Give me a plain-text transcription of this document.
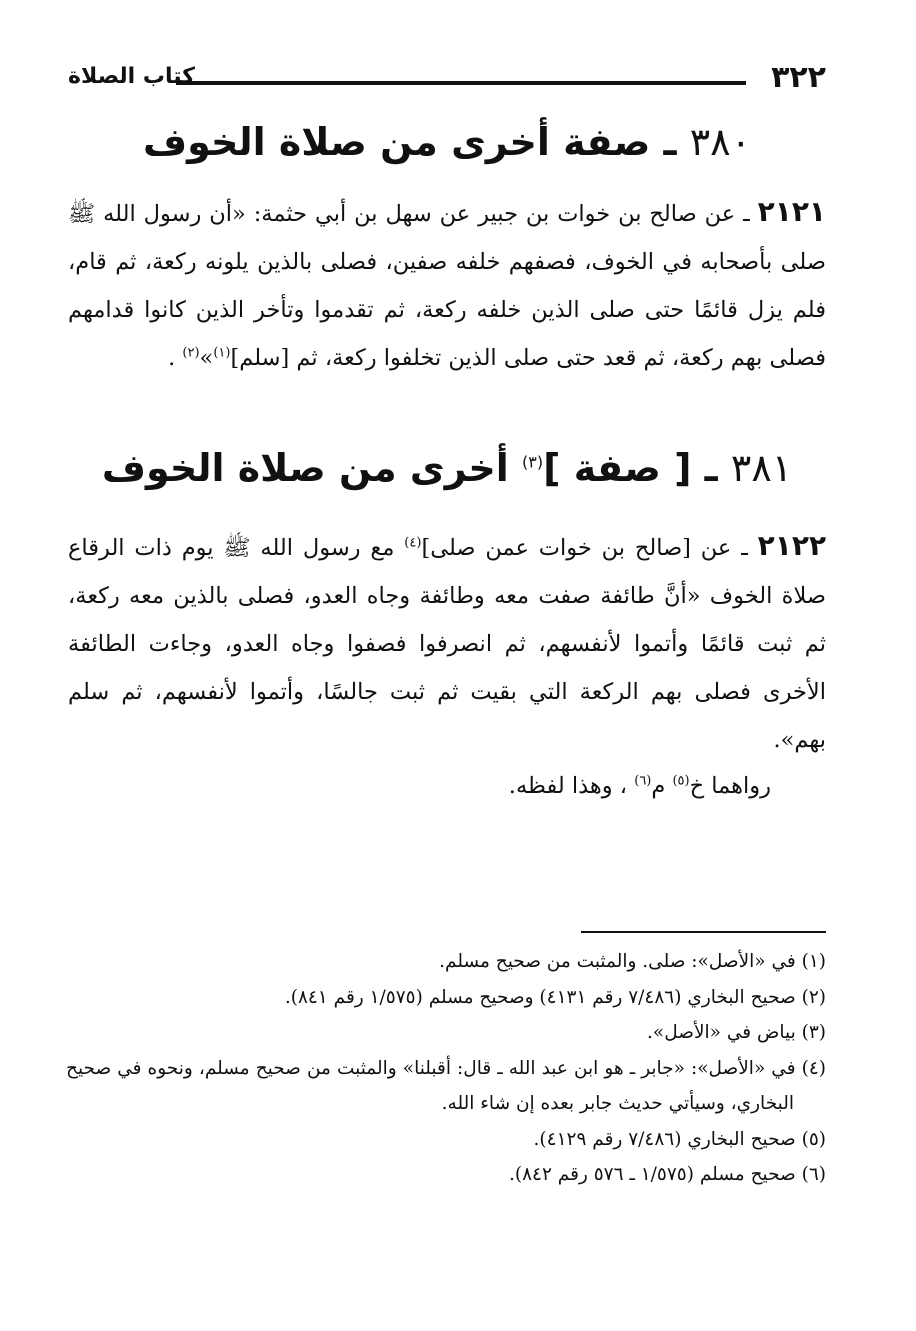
٣٢٢
كتاب الصلاة
٣٨٠ ـ صفة أخرى من صلاة الخوف
٢١٢١ ـ عن صالح بن خوات بن جبير عن سهل بن أبي حثمة: «أن رسول الله ﷺ صلى بأصحابه في الخوف، فصفهم خلفه صفين، فصلى بالذين يلونه ركعة، ثم قام، فلم يزل قائمًا حتى صلى الذين خلفه ركعة، ثم تقدموا وتأخر الذين كانوا قدامهم فصلى بهم ركعة، ثم قعد حتى صلى الذين تخلفوا ركعة، ثم [سلم]$^{(١)}$»$^{(٢)}$ .
٣٨١ ـ [ صفة ]$^{(٣)}$ أخرى من صلاة الخوف
٢١٢٢ ـ عن [صالح بن خوات عمن صلى]$^{(٤)}$ مع رسول الله ﷺ يوم ذات الرقاع صلاة الخوف «أنَّ طائفة صفت معه وطائفة وجاه العدو، فصلى بالذين معه ركعة، ثم ثبت قائمًا وأتموا لأنفسهم، ثم انصرفوا فصفوا وجاه العدو، وجاءت الطائفة الأخرى فصلى بهم الركعة التي بقيت ثم ثبت جالسًا، وأتموا لأنفسهم، ثم سلم بهم».
رواهما خ$^{(٥)}$ م$^{(٦)}$ ، وهذا لفظه.

(١) في «الأصل»: صلى. والمثبت من صحيح مسلم.

(٢) صحيح البخاري (٧/٤٨٦ رقم ٤١٣١) وصحيح مسلم (١/٥٧٥ رقم ٨٤١).

(٣) بياض في «الأصل».

(٤) في «الأصل»: «جابر ـ هو ابن عبد الله ـ قال: أقبلنا» والمثبت من صحيح مسلم، ونحوه في صحيح البخاري، وسيأتي حديث جابر بعده إن شاء الله.

(٥) صحيح البخاري (٧/٤٨٦ رقم ٤١٢٩).

(٦) صحيح مسلم (١/٥٧٥ ـ ٥٧٦ رقم ٨٤٢).
